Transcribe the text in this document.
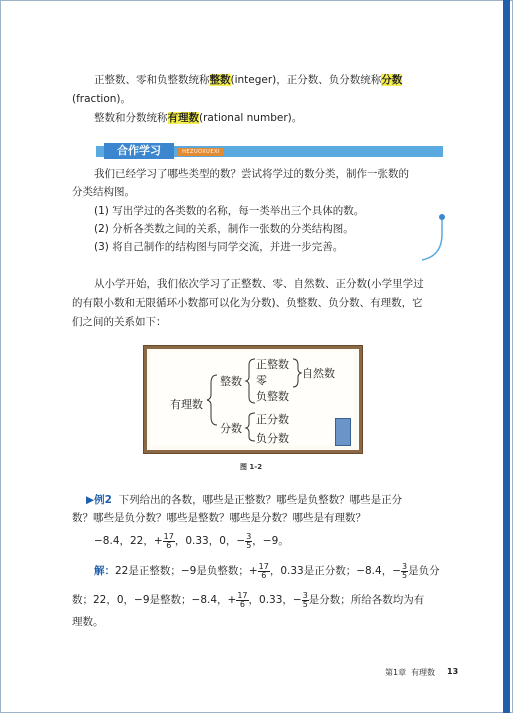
正整数、零和负整数统称整数(integer)，正分数、负分数统称分数
(fraction)。
整数和分数统称有理数(rational number)。
合作学习	HEZUOXUEXI
我们已经学习了哪些类型的数？尝试将学过的数分类，制作一张数的
分类结构图。
(1) 写出学过的各类数的名称，每一类举出三个具体的数。
(2) 分析各类数之间的关系，制作一张数的分类结构图。
(3) 将自己制作的结构图与同学交流，并进一步完善。
从小学开始，我们依次学习了正整数、零、自然数、正分数(小学里学过
的有限小数和无限循环小数都可以化为分数)、负整数、负分数、有理数，它
们之间的关系如下：
有理数
整数
分数
正整数
零
负整数
自然数
正分数
负分数
图 1-2
▶例2 下列给出的各数，哪些是正整数？哪些是负整数？哪些是正分
数？哪些是负分数？哪些是整数？哪些是分数？哪些是有理数？
−8.4，22，+ $\frac{17}{6}$ ，0.33，0，− $\frac{3}{5}$ ，−9。
解：22是正整数；−9是负整数；+ $\frac{17}{6}$ ，0.33是正分数；−8.4，− $\frac{3}{5}$ 是负分
数；22，0，−9是整数；−8.4，+ $\frac{17}{6}$ ，0.33，− $\frac{3}{5}$ 是分数；所给各数均为有
理数。
第1章 有理数 13
